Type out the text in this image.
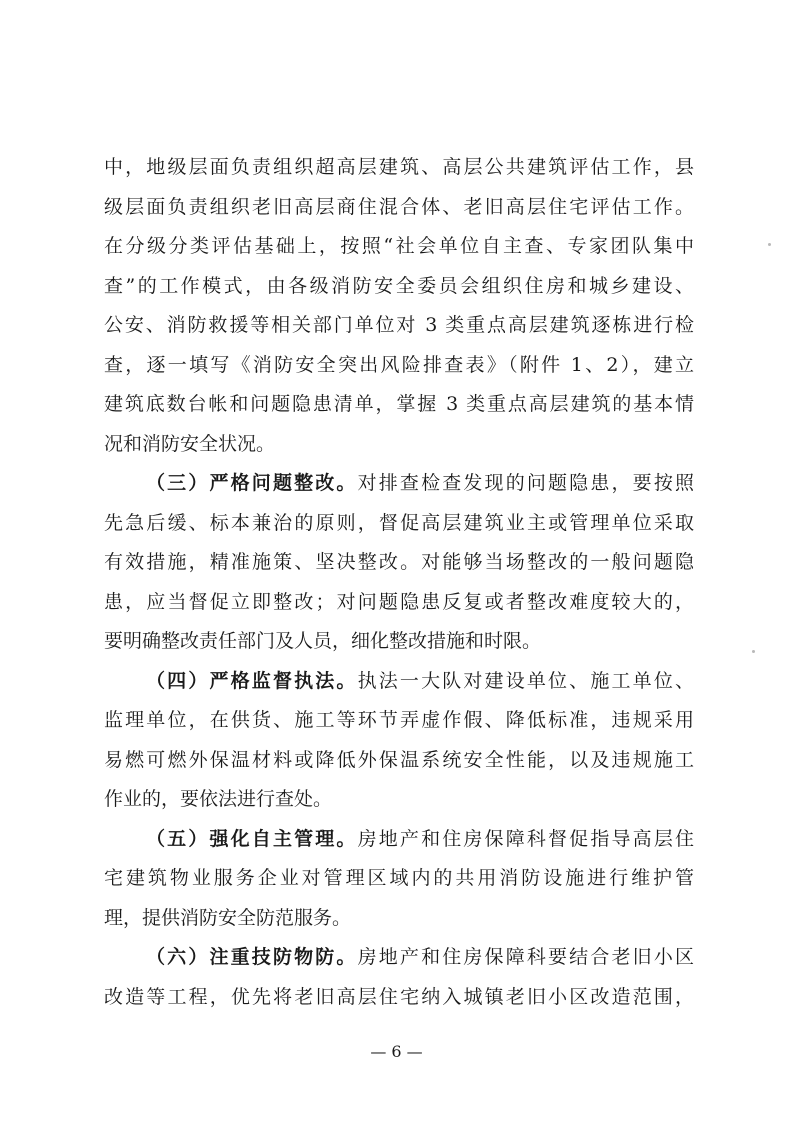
中，地级层面负责组织超高层建筑、高层公共建筑评估工作，县
级层面负责组织老旧高层商住混合体、老旧高层住宅评估工作。
在分级分类评估基础上，按照“社会单位自主查、专家团队集中
查”的工作模式，由各级消防安全委员会组织住房和城乡建设、
公安、消防救援等相关部门单位对 3 类重点高层建筑逐栋进行检
查，逐一填写《消防安全突出风险排查表》（附件 1、2），建立
建筑底数台帐和问题隐患清单，掌握 3 类重点高层建筑的基本情
况和消防安全状况。
（三）严格问题整改。对排查检查发现的问题隐患，要按照
先急后缓、标本兼治的原则，督促高层建筑业主或管理单位采取
有效措施，精准施策、坚决整改。对能够当场整改的一般问题隐
患，应当督促立即整改；对问题隐患反复或者整改难度较大的，
要明确整改责任部门及人员，细化整改措施和时限。
（四）严格监督执法。执法一大队对建设单位、施工单位、
监理单位，在供货、施工等环节弄虚作假、降低标准，违规采用
易燃可燃外保温材料或降低外保温系统安全性能，以及违规施工
作业的，要依法进行查处。
（五）强化自主管理。房地产和住房保障科督促指导高层住
宅建筑物业服务企业对管理区域内的共用消防设施进行维护管
理，提供消防安全防范服务。
（六）注重技防物防。房地产和住房保障科要结合老旧小区
改造等工程，优先将老旧高层住宅纳入城镇老旧小区改造范围，
— 6 —
